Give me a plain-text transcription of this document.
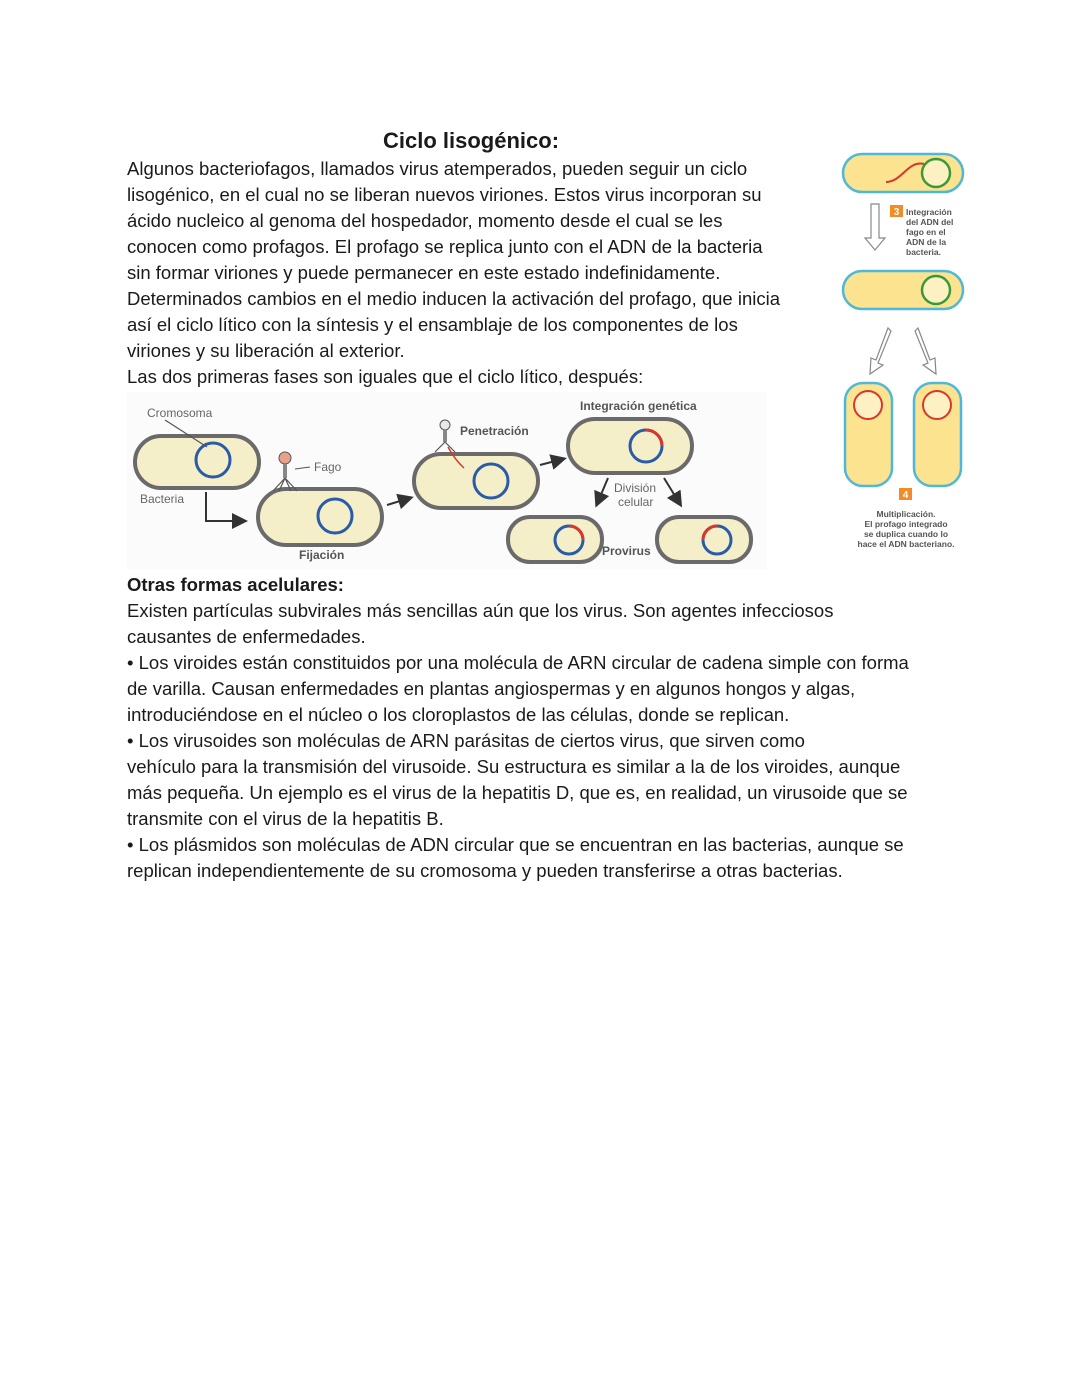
Ciclo lisogénico:
Algunos bacteriofagos, llamados virus atemperados, pueden seguir un ciclo
lisogénico, en el cual no se liberan nuevos viriones. Estos virus incorporan su
ácido nucleico al genoma del hospedador, momento desde el cual se les
conocen como profagos. El profago se replica junto con el ADN de la bacteria
sin formar viriones y puede permanecer en este estado indefinidamente.
Determinados cambios en el medio inducen la activación del profago, que inicia
así el ciclo lítico con la síntesis y el ensamblaje de los componentes de los
viriones y su liberación al exterior.
Las dos primeras fases son iguales que el ciclo lítico, después:
Cromosoma
Bacteria
Fago
Fijación
Penetración
Integración genética
División
celular
Provirus
3 Integración
del ADN del
fago en el
ADN de la
bacteria.
4
Multiplicación.
El profago integrado
se duplica cuando lo
hace el ADN bacteriano.
Otras formas acelulares:
Existen partículas subvirales más sencillas aún que los virus. Son agentes infecciosos
causantes de enfermedades.
• Los viroides están constituidos por una molécula de ARN circular de cadena simple con forma
de varilla. Causan enfermedades en plantas angiospermas y en algunos hongos y algas,
introduciéndose en el núcleo o los cloroplastos de las células, donde se replican.
• Los virusoides son moléculas de ARN parásitas de ciertos virus, que sirven como
vehículo para la transmisión del virusoide. Su estructura es similar a la de los viroides, aunque
más pequeña. Un ejemplo es el virus de la hepatitis D, que es, en realidad, un virusoide que se
transmite con el virus de la hepatitis B.
• Los plásmidos son moléculas de ADN circular que se encuentran en las bacterias, aunque se
replican independientemente de su cromosoma y pueden transferirse a otras bacterias.
